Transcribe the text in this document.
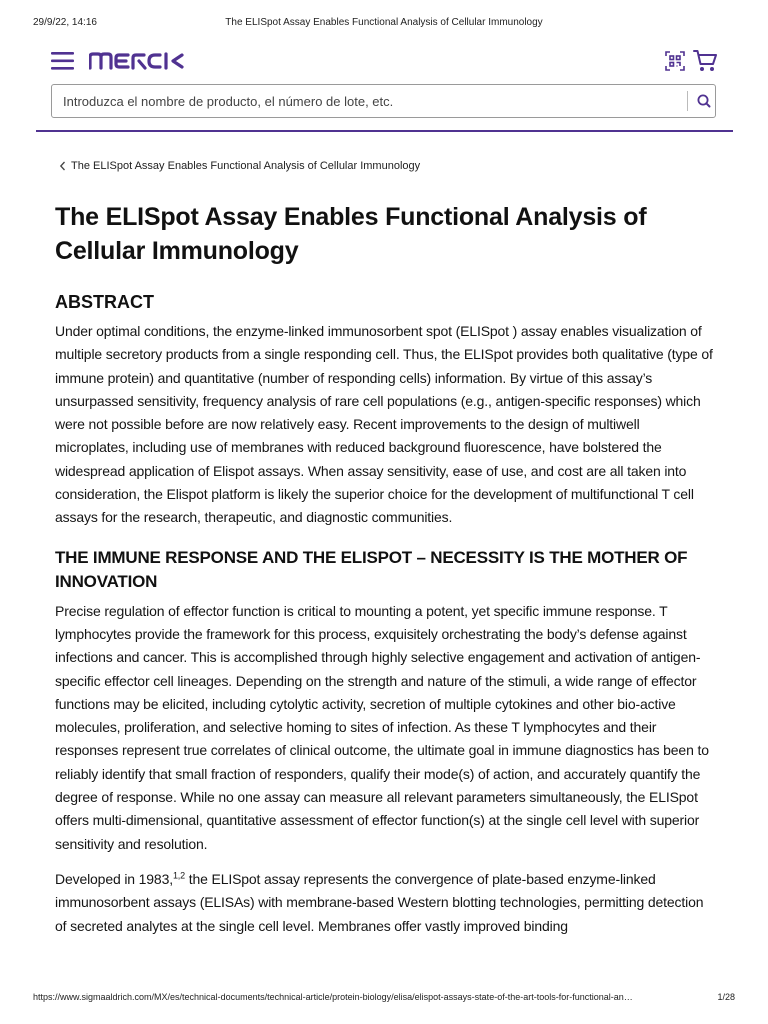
29/9/22, 14:16	The ELISpot Assay Enables Functional Analysis of Cellular Immunology
Introduzca el nombre de producto, el número de lote, etc.
The ELISpot Assay Enables Functional Analysis of Cellular Immunology
The ELISpot Assay Enables Functional Analysis of Cellular Immunology
ABSTRACT

Under optimal conditions, the enzyme-linked immunosorbent spot (ELISpot ) assay enables visualization of multiple secretory products from a single responding cell. Thus, the ELISpot provides both qualitative (type of immune protein) and quantitative (number of responding cells) information. By virtue of this assay’s unsurpassed sensitivity, frequency analysis of rare cell populations (e.g., antigen-specific responses) which were not possible before are now relatively easy. Recent improvements to the design of multiwell microplates, including use of membranes with reduced background fluorescence, have bolstered the widespread application of Elispot assays. When assay sensitivity, ease of use, and cost are all taken into consideration, the Elispot platform is likely the superior choice for the development of multifunctional T cell assays for the research, therapeutic, and diagnostic communities.

THE IMMUNE RESPONSE AND THE ELISPOT – NECESSITY IS THE MOTHER OF INNOVATION

Precise regulation of effector function is critical to mounting a potent, yet specific immune response. T lymphocytes provide the framework for this process, exquisitely orchestrating the body’s defense against infections and cancer. This is accomplished through highly selective engagement and activation of antigen-specific effector cell lineages. Depending on the strength and nature of the stimuli, a wide range of effector functions may be elicited, including cytolytic activity, secretion of multiple cytokines and other bio-active molecules, proliferation, and selective homing to sites of infection. As these T lymphocytes and their responses represent true correlates of clinical outcome, the ultimate goal in immune diagnostics has been to reliably identify that small fraction of responders, qualify their mode(s) of action, and accurately quantify the degree of response. While no one assay can measure all relevant parameters simultaneously, the ELISpot offers multi-dimensional, quantitative assessment of effector function(s) at the single cell level with superior sensitivity and resolution.

Developed in 1983,$^{1,2}$ the ELISpot assay represents the convergence of plate-based enzyme-linked immunosorbent assays (ELISAs) with membrane-based Western blotting technologies, permitting detection of secreted analytes at the single cell level. Membranes offer vastly improved binding

https://www.sigmaaldrich.com/MX/es/technical-documents/technical-article/protein-biology/elisa/elispot-assays-state-of-the-art-tools-for-functional-an…	1/28
